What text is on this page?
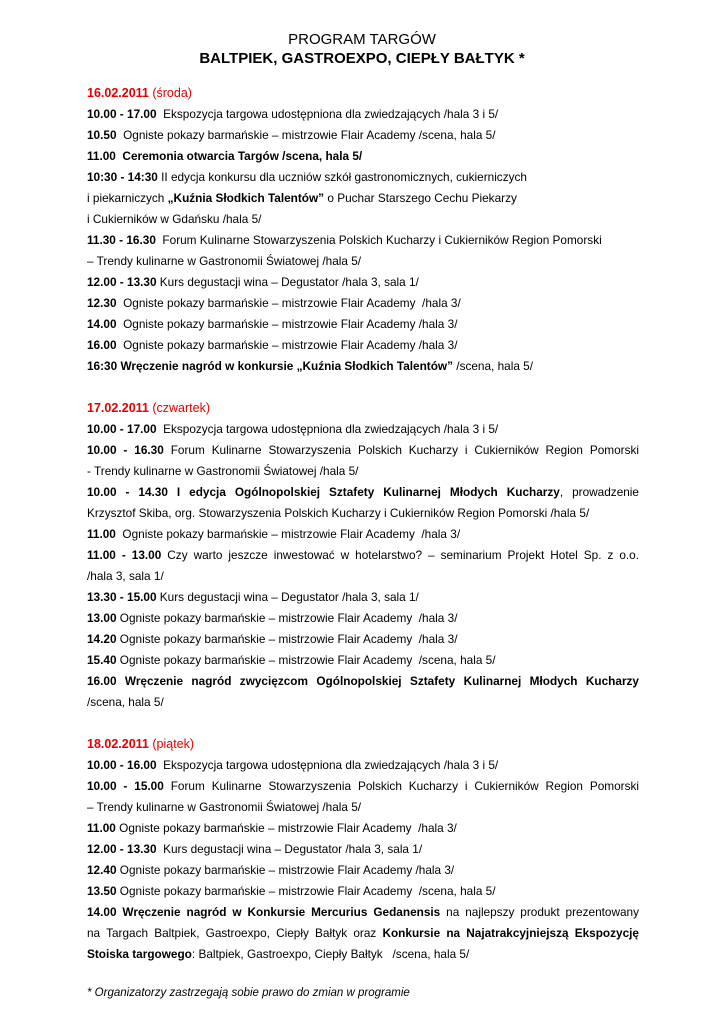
PROGRAM TARGÓW
BALTPIEK, GASTROEXPO, CIEPŁY BAŁTYK *
16.02.2011 (środa)
10.00 - 17.00  Ekspozycja targowa udostępniona dla zwiedzających /hala 3 i 5/
10.50  Ogniste pokazy barmańskie – mistrzowie Flair Academy /scena, hala 5/
11.00  Ceremonia otwarcia Targów /scena, hala 5/
10:30 - 14:30 II edycja konkursu dla uczniów szkół gastronomicznych, cukierniczych
i piekarniczych „Kuźnia Słodkich Talentów” o Puchar Starszego Cechu Piekarzy
i Cukierników w Gdańsku /hala 5/
11.30 - 16.30  Forum Kulinarne Stowarzyszenia Polskich Kucharzy i Cukierników Region Pomorski
– Trendy kulinarne w Gastronomii Światowej /hala 5/
12.00 - 13.30 Kurs degustacji wina – Degustator /hala 3, sala 1/
12.30  Ogniste pokazy barmańskie – mistrzowie Flair Academy  /hala 3/
14.00  Ogniste pokazy barmańskie – mistrzowie Flair Academy /hala 3/
16.00  Ogniste pokazy barmańskie – mistrzowie Flair Academy /hala 3/
16:30 Wręczenie nagród w konkursie „Kuźnia Słodkich Talentów” /scena, hala 5/
17.02.2011 (czwartek)
10.00 - 17.00  Ekspozycja targowa udostępniona dla zwiedzających /hala 3 i 5/
10.00 - 16.30 Forum Kulinarne Stowarzyszenia Polskich Kucharzy i Cukierników Region Pomorski
- Trendy kulinarne w Gastronomii Światowej /hala 5/
10.00 - 14.30 I edycja Ogólnopolskiej Sztafety Kulinarnej Młodych Kucharzy, prowadzenie
Krzysztof Skiba, org. Stowarzyszenia Polskich Kucharzy i Cukierników Region Pomorski /hala 5/
11.00  Ogniste pokazy barmańskie – mistrzowie Flair Academy  /hala 3/
11.00 - 13.00 Czy warto jeszcze inwestować w hotelarstwo? – seminarium Projekt Hotel Sp. z o.o.
/hala 3, sala 1/
13.30 - 15.00 Kurs degustacji wina – Degustator /hala 3, sala 1/
13.00 Ogniste pokazy barmańskie – mistrzowie Flair Academy  /hala 3/
14.20 Ogniste pokazy barmańskie – mistrzowie Flair Academy  /hala 3/
15.40 Ogniste pokazy barmańskie – mistrzowie Flair Academy  /scena, hala 5/
16.00 Wręczenie nagród zwycięzcom Ogólnopolskiej Sztafety Kulinarnej Młodych Kucharzy
/scena, hala 5/
18.02.2011 (piątek)
10.00 - 16.00  Ekspozycja targowa udostępniona dla zwiedzających /hala 3 i 5/
10.00 - 15.00 Forum Kulinarne Stowarzyszenia Polskich Kucharzy i Cukierników Region Pomorski
– Trendy kulinarne w Gastronomii Światowej /hala 5/
11.00 Ogniste pokazy barmańskie – mistrzowie Flair Academy  /hala 3/
12.00 - 13.30  Kurs degustacji wina – Degustator /hala 3, sala 1/
12.40 Ogniste pokazy barmańskie – mistrzowie Flair Academy /hala 3/
13.50 Ogniste pokazy barmańskie – mistrzowie Flair Academy  /scena, hala 5/
14.00 Wręczenie nagród w Konkursie Mercurius Gedanensis na najlepszy produkt prezentowany
na Targach Baltpiek, Gastroexpo, Ciepły Bałtyk oraz Konkursie na Najatrakcyjniejszą Ekspozycję
Stoiska targowego: Baltpiek, Gastroexpo, Ciepły Bałtyk   /scena, hala 5/
* Organizatorzy zastrzegają sobie prawo do zmian w programie
